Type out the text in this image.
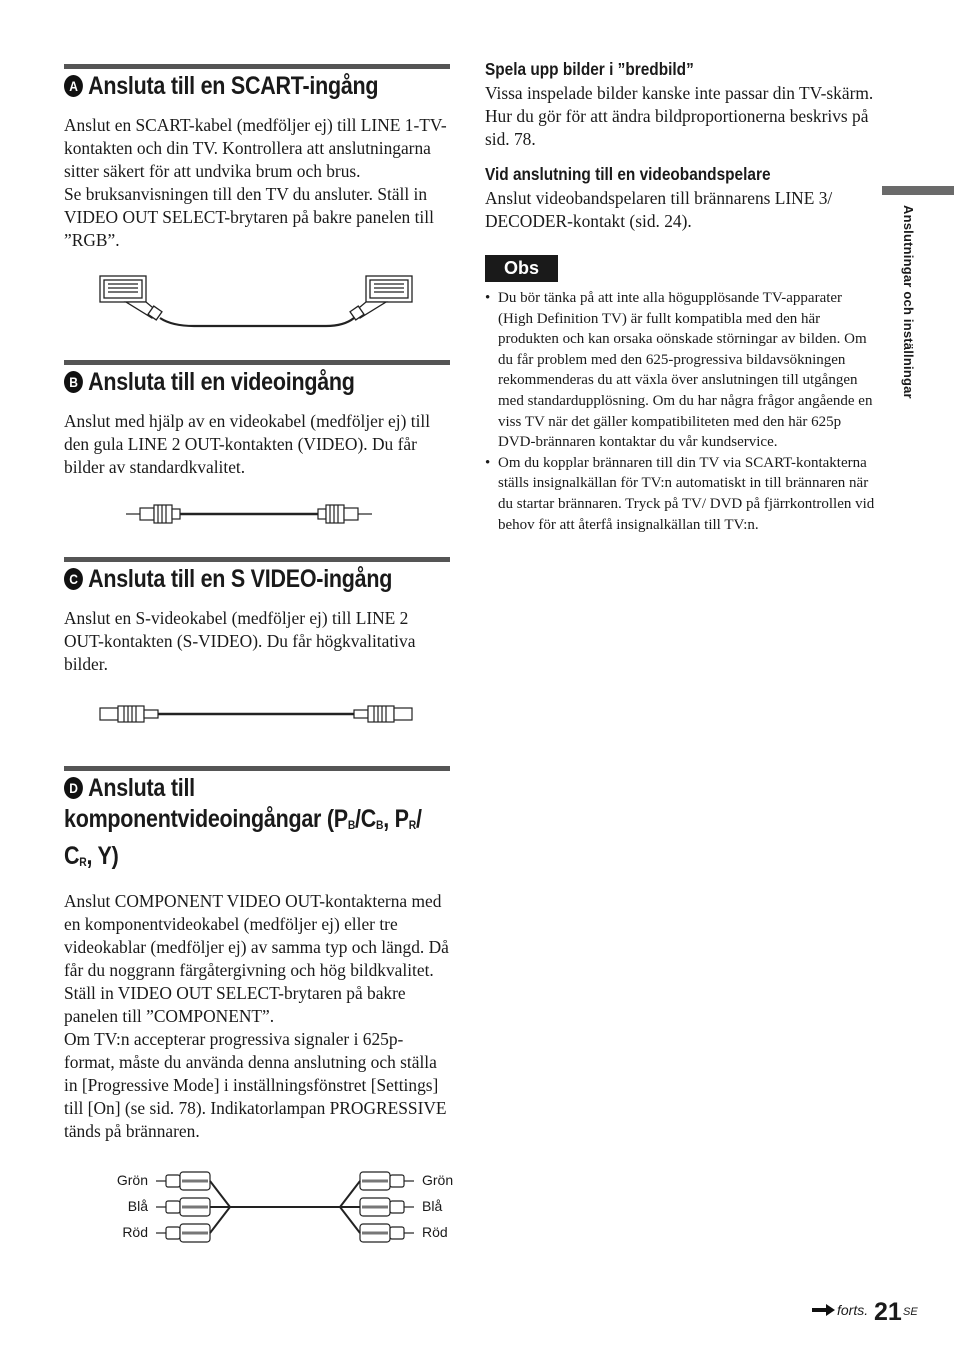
A Ansluta till en SCART-ingång

Anslut en SCART-kabel (medföljer ej) till LINE 1-TV-kontakten och din TV. Kontrollera att anslutningarna sitter säkert för att undvika brum och brus.
Se bruksanvisningen till den TV du ansluter. Ställ in VIDEO OUT SELECT-brytaren på bakre panelen till ”RGB”.

B Ansluta till en videoingång

Anslut med hjälp av en videokabel (medföljer ej) till den gula LINE 2 OUT-kontakten (VIDEO). Du får bilder av standardkvalitet.

C Ansluta till en S VIDEO-ingång

Anslut en S-videokabel (medföljer ej) till LINE 2 OUT-kontakten (S-VIDEO). Du får högkvalitativa bilder.

D Ansluta till komponentvideoingångar (PB/CB, PR/ CR, Y)

Anslut COMPONENT VIDEO OUT-kontakterna med en komponentvideokabel (medföljer ej) eller tre videokablar (medföljer ej) av samma typ och längd. Då får du noggrann färgåtergivning och hög bildkvalitet.
Ställ in VIDEO OUT SELECT-brytaren på bakre panelen till ”COMPONENT”.
Om TV:n accepterar progressiva signaler i 625p-format, måste du använda denna anslutning och ställa in [Progressive Mode] i inställningsfönstret [Settings] till [On] (se sid. 78). Indikatorlampan PROGRESSIVE tänds på brännaren.

Grön
Blå
Röd
Grön
Blå
Röd
Spela upp bilder i ”bredbild”

Vissa inspelade bilder kanske inte passar din TV-skärm. Hur du gör för att ändra bildproportionerna beskrivs på sid. 78.

Vid anslutning till en videobandspelare

Anslut videobandspelaren till brännarens LINE 3/ DECODER-kontakt (sid. 24).

Obs
• Du bör tänka på att inte alla högupplösande TV-apparater (High Definition TV) är fullt kompatibla med den här produkten och kan orsaka oönskade störningar av bilden. Om du får problem med den 625-progressiva bildavsökningen rekommenderas du att växla över anslutningen till utgången med standardupplösning. Om du har några frågor angående en viss TV när det gäller kompatibiliteten med den här 625p DVD-brännaren kontaktar du vår kundservice.
• Om du kopplar brännaren till din TV via SCART-kontakterna ställs insignalkällan för TV:n automatiskt in till brännaren när du startar brännaren. Tryck på TV/ DVD på fjärrkontrollen vid behov för att återfå insignalkällan till TV:n.
Anslutningar och inställningar
forts. 21 SE
